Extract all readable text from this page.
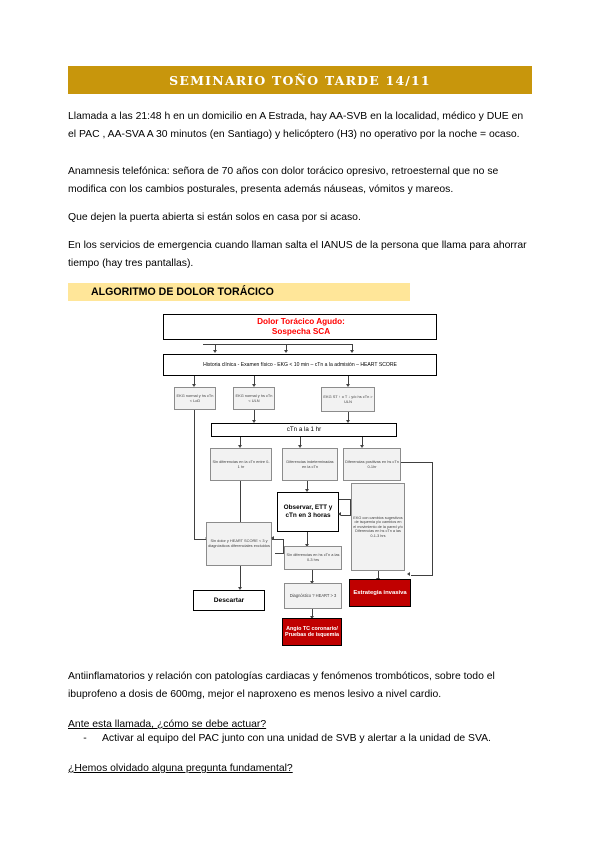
SEMINARIO TOÑO TARDE 14/11
Llamada a las 21:48 h en un domicilio en A Estrada, hay AA-SVB en la localidad, médico y DUE en el PAC , AA-SVA A 30 minutos (en Santiago) y helicóptero (H3) no operativo por la noche = ocaso.
Anamnesis telefónica: señora de 70 años con dolor torácico opresivo, retroesternal que no se modifica con los cambios posturales, presenta además náuseas, vómitos y mareos.
Que dejen la puerta abierta si están solos en casa por si acaso.
En los servicios de emergencia cuando llaman salta el IANUS de la persona que llama para ahorrar tiempo (hay tres pantallas).
ALGORITMO DE DOLOR TORÁCICO
Dolor Torácico Agudo:
Sospecha SCA
Historia clínica - Examen físico - EKG < 10 min – cTn a la admisión – HEART SCORE
EKG normal y hs cTn < LoD
EKG normal y hs cTn < ULN
EKG ST ↑ o T ↓ y/o hs cTn > ULN
cTn a la 1 hr
Sin diferencias en la cTn entre 0-1 hr
Diferencias indeterminadas en la cTn
Diferencias positivas en hs cTn 0-1hr
Observar, ETT y cTn en 3 horas	EKG con cambios sugestivos de isquemia y/o cambios en el movimiento de la pared y/o Diferencias en hs cTn a las 0-1-3 hrs
Sin dolor y HEART SCORE < 3 y diagnósticos diferenciales excluidos
Sin diferencias en hs cTn a las 0-3 hrs
Descartar
Diagnóstico ? HEART > 3	Estrategia invasiva
Angio TC coronario/ Pruebas de isquemia
Antiinflamatorios y relación con patologías cardiacas y fenómenos trombóticos, sobre todo el ibuprofeno a dosis de 600mg, mejor el naproxeno es menos lesivo a nivel cardio.
Ante esta llamada, ¿cómo se debe actuar?
-	Activar al equipo del PAC junto con una unidad de SVB y alertar a la unidad de SVA.
¿Hemos olvidado alguna pregunta fundamental?
